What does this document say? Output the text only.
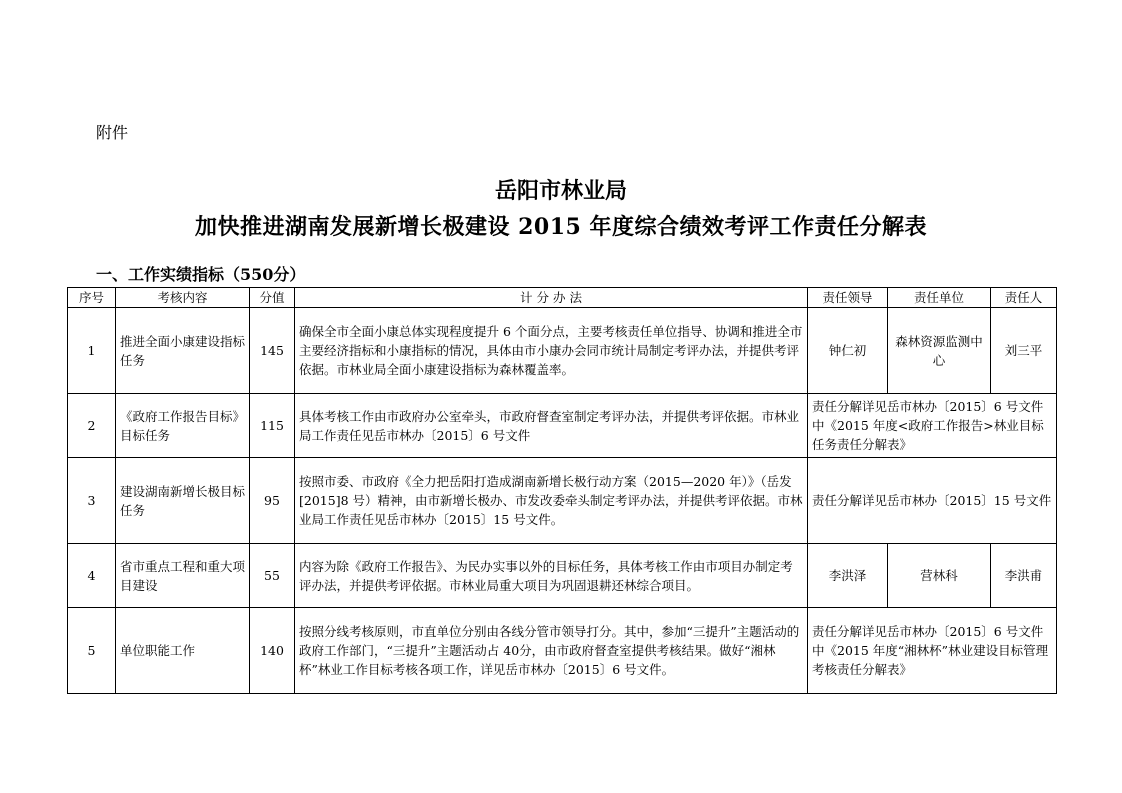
附件
岳阳市林业局
加快推进湖南发展新增长极建设 2015 年度综合绩效考评工作责任分解表
一、工作实绩指标（550分）
序号	考核内容	分值	计 分 办 法	责任领导	责任单位	责任人
1	推进全面小康建设指标任务	145	确保全市全面小康总体实现程度提升 6 个面分点，主要考核责任单位指导、协调和推进全市主要经济指标和小康指标的情况，具体由市小康办会同市统计局制定考评办法，并提供考评依据。市林业局全面小康建设指标为森林覆盖率。	钟仁初	森林资源监测中心	刘三平
2	《政府工作报告目标》目标任务	115	具体考核工作由市政府办公室牵头，市政府督查室制定考评办法，并提供考评依据。市林业局工作责任见岳市林办〔2015〕6 号文件	责任分解详见岳市林办〔2015〕6 号文件中《2015 年度<政府工作报告>林业目标任务责任分解表》		
3	建设湖南新增长极目标任务	95	按照市委、市政府《全力把岳阳打造成湖南新增长极行动方案（2015—2020 年）》（岳发[2015]8 号）精神，由市新增长极办、市发改委牵头制定考评办法，并提供考评依据。市林业局工作责任见岳市林办〔2015〕15 号文件。	责任分解详见岳市林办〔2015〕15 号文件		
4	省市重点工程和重大项目建设	55	内容为除《政府工作报告》、为民办实事以外的目标任务，具体考核工作由市项目办制定考评办法，并提供考评依据。市林业局重大项目为巩固退耕还林综合项目。	李洪泽	营林科	李洪甫
5	单位职能工作	140	按照分线考核原则，市直单位分别由各线分管市领导打分。其中，参加“三提升”主题活动的政府工作部门，“三提升”主题活动占 40分，由市政府督查室提供考核结果。做好“湘林杯”林业工作目标考核各项工作，详见岳市林办〔2015〕6 号文件。	责任分解详见岳市林办〔2015〕6 号文件中《2015 年度“湘林杯”林业建设目标管理考核责任分解表》		
